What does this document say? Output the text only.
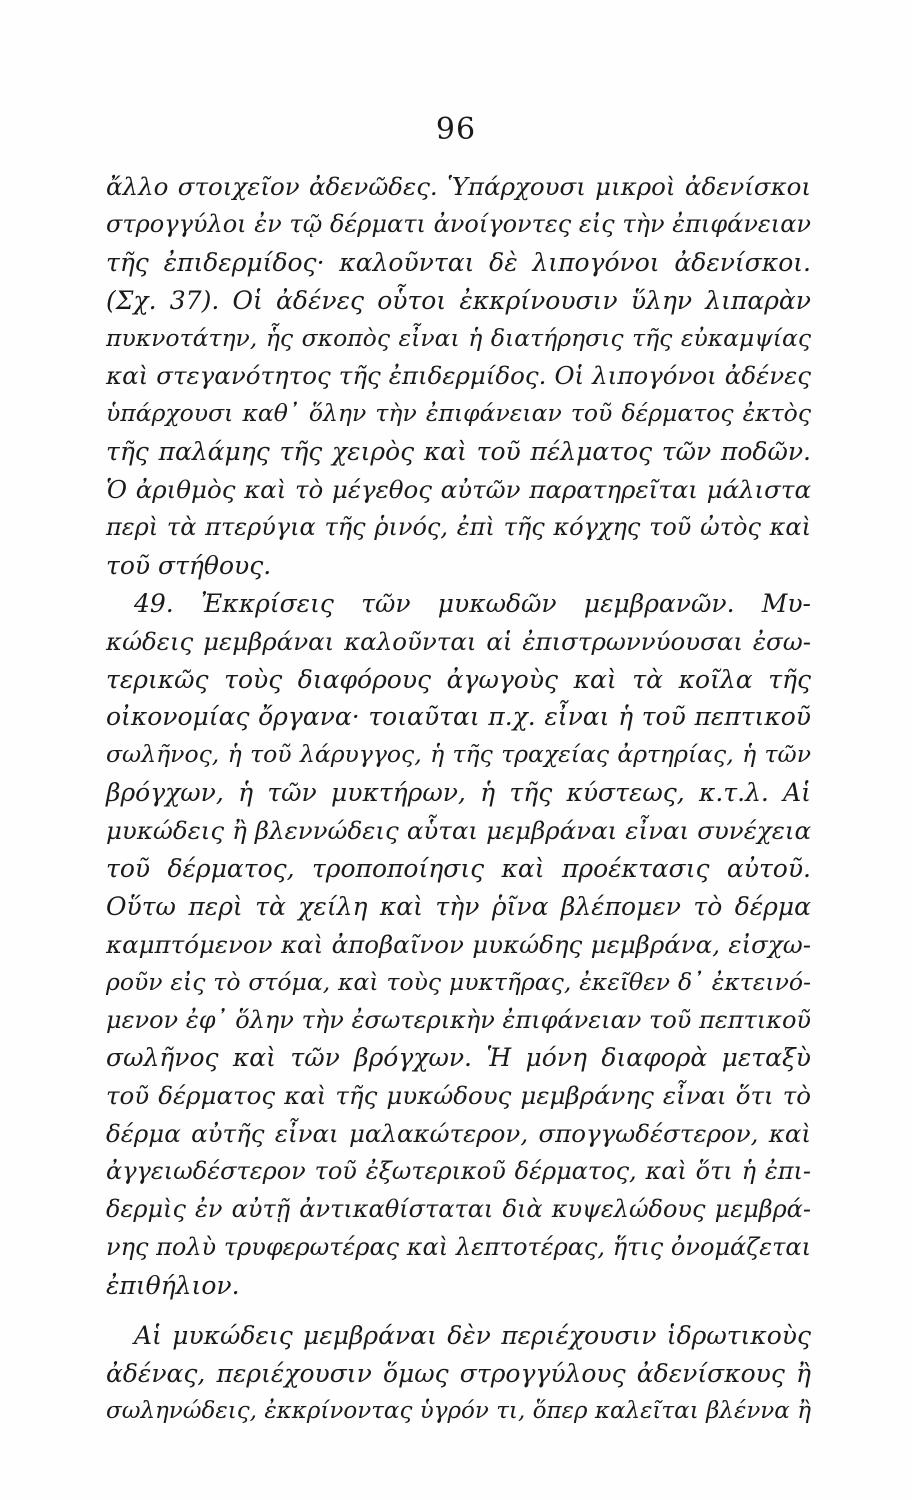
96
ἄλλο στοιχεῖον ἀδενῶδες. Ὑπάρχουσι μικροὶ ἀδενίσκοι
στρογγύλοι ἐν τῷ δέρματι ἀνοίγοντες εἰς τὴν ἐπιφάνειαν
τῆς ἐπιδερμίδος· καλοῦνται δὲ λιπογόνοι ἀδενίσκοι.
(Σχ. 37). Οἱ ἀδένες οὗτοι ἐκκρίνουσιν ὕλην λιπαρὰν
πυκνοτάτην, ἧς σκοπὸς εἶναι ἡ διατήρησις τῆς εὐκαμψίας
καὶ στεγανότητος τῆς ἐπιδερμίδος. Οἱ λιπογόνοι ἀδένες
ὑπάρχουσι καθ᾽ ὅλην τὴν ἐπιφάνειαν τοῦ δέρματος ἐκτὸς
τῆς παλάμης τῆς χειρὸς καὶ τοῦ πέλματος τῶν ποδῶν.
Ὁ ἀριθμὸς καὶ τὸ μέγεθος αὐτῶν παρατηρεῖται μάλιστα
περὶ τὰ πτερύγια τῆς ῥινός, ἐπὶ τῆς κόγχης τοῦ ὠτὸς καὶ
τοῦ στήθους.
49. Ἐκκρίσεις τῶν μυκωδῶν μεμβρανῶν. Μυ-
κώδεις μεμβράναι καλοῦνται αἱ ἐπιστρωννύουσαι ἐσω-
τερικῶς τοὺς διαφόρους ἀγωγοὺς καὶ τὰ κοῖλα τῆς
οἰκονομίας ὄργανα· τοιαῦται π.χ. εἶναι ἡ τοῦ πεπτικοῦ
σωλῆνος, ἡ τοῦ λάρυγγος, ἡ τῆς τραχείας ἀρτηρίας, ἡ τῶν
βρόγχων, ἡ τῶν μυκτήρων, ἡ τῆς κύστεως, κ.τ.λ. Αἱ
μυκώδεις ἢ βλεννώδεις αὗται μεμβράναι εἶναι συνέχεια
τοῦ δέρματος, τροποποίησις καὶ προέκτασις αὐτοῦ.
Οὕτω περὶ τὰ χείλη καὶ τὴν ῥῖνα βλέπομεν τὸ δέρμα
καμπτόμενον καὶ ἀποβαῖνον μυκώδης μεμβράνα, εἰσχω-
ροῦν εἰς τὸ στόμα, καὶ τοὺς μυκτῆρας, ἐκεῖθεν δ᾽ ἐκτεινό-
μενον ἐφ᾽ ὅλην τὴν ἐσωτερικὴν ἐπιφάνειαν τοῦ πεπτικοῦ
σωλῆνος καὶ τῶν βρόγχων. Ἡ μόνη διαφορὰ μεταξὺ
τοῦ δέρματος καὶ τῆς μυκώδους μεμβράνης εἶναι ὅτι τὸ
δέρμα αὐτῆς εἶναι μαλακώτερον, σπογγωδέστερον, καὶ
ἀγγειωδέστερον τοῦ ἐξωτερικοῦ δέρματος, καὶ ὅτι ἡ ἐπι-
δερμὶς ἐν αὐτῇ ἀντικαθίσταται διὰ κυψελώδους μεμβρά-
νης πολὺ τρυφερωτέρας καὶ λεπτοτέρας, ἥτις ὀνομάζεται
ἐπιθήλιον.
Αἱ μυκώδεις μεμβράναι δὲν περιέχουσιν ἱδρωτικοὺς
ἀδένας, περιέχουσιν ὅμως στρογγύλους ἀδενίσκους ἢ
σωληνώδεις, ἐκκρίνοντας ὑγρόν τι, ὅπερ καλεῖται βλέννα ἢ
